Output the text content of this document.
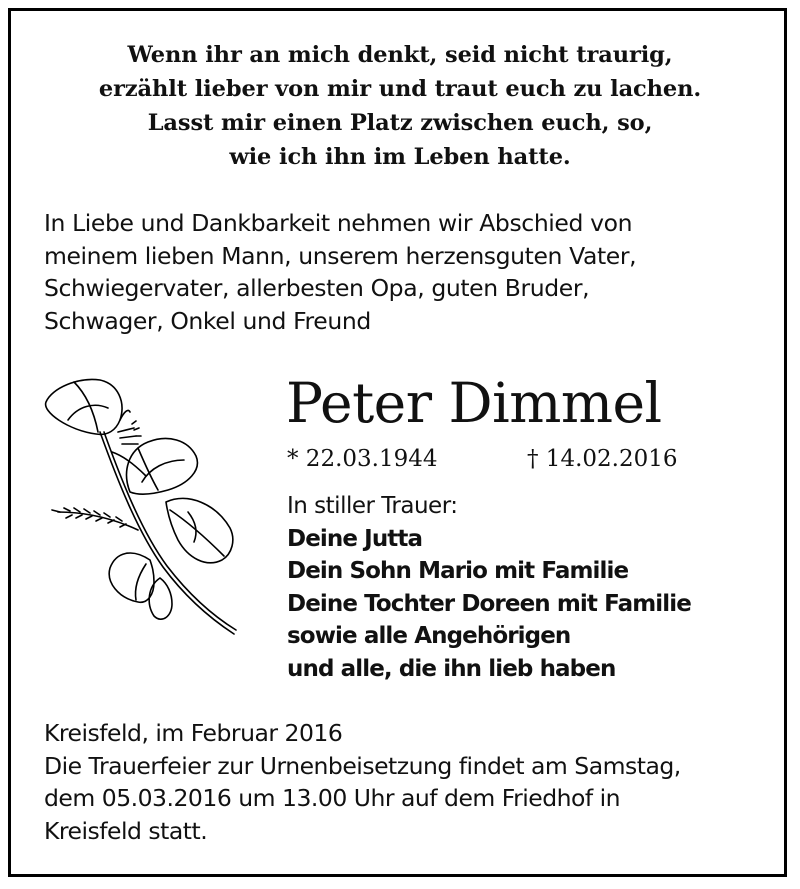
Wenn ihr an mich denkt, seid nicht traurig,
erzählt lieber von mir und traut euch zu lachen.
Lasst mir einen Platz zwischen euch, so,
wie ich ihn im Leben hatte.
In Liebe und Dankbarkeit nehmen wir Abschied von
meinem lieben Mann, unserem herzensguten Vater,
Schwiegervater, allerbesten Opa, guten Bruder,
Schwager, Onkel und Freund
Peter Dimmel
* 22.03.1944	† 14.02.2016
In stiller Trauer:
Deine Jutta
Dein Sohn Mario mit Familie
Deine Tochter Doreen mit Familie
sowie alle Angehörigen
und alle, die ihn lieb haben
Kreisfeld, im Februar 2016
Die Trauerfeier zur Urnenbeisetzung findet am Samstag,
dem 05.03.2016 um 13.00 Uhr auf dem Friedhof in
Kreisfeld statt.
